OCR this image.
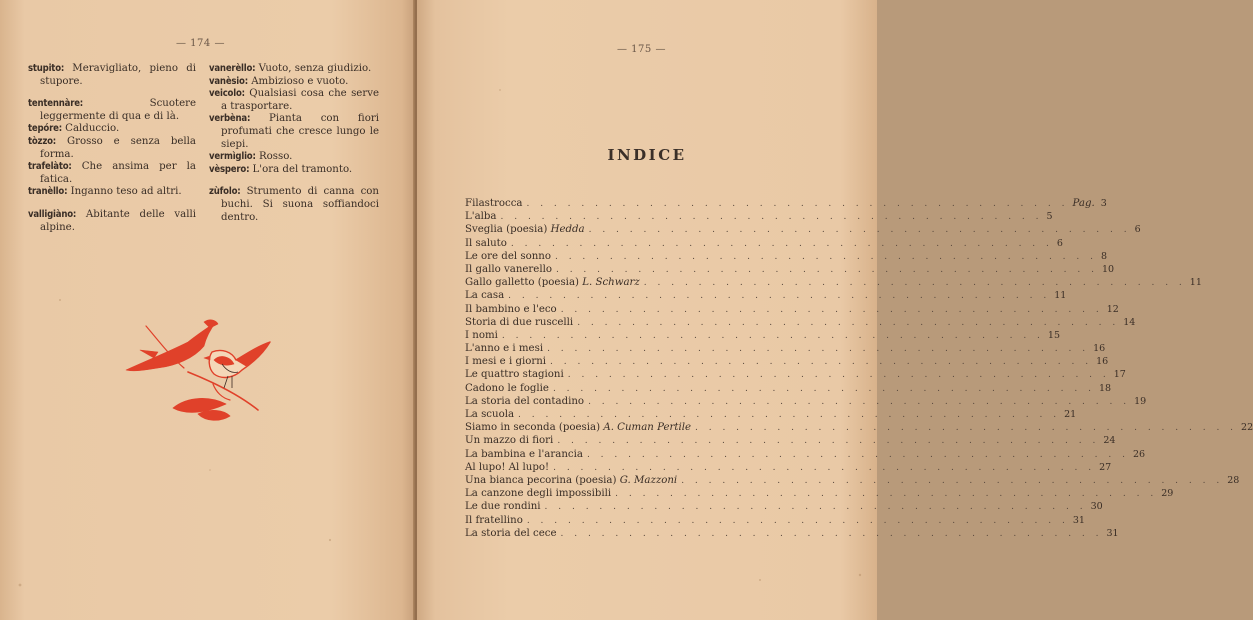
— 174 —

stupito: Meravigliato, pieno di stupore.

tentennàre:	Scuotere leggermente di qua e di là.

tepóre: Calduccio.

tòzzo: Grosso e senza bella forma.

trafelàto: Che ansima per la fatica.

tranèllo: Inganno teso ad altri.

valligiàno: Abitante delle valli alpine.

vanerèllo: Vuoto, senza giudizio.

vanèsio: Ambizioso e vuoto.

veicolo: Qualsiasi cosa che serve a trasportare.

verbèna: Pianta con fiori profumati che cresce lungo le siepi.

vermìglio: Rosso.

vèspero: L'ora del tramonto.

zùfolo: Strumento di canna con buchi. Si suona soffiandoci dentro.

— 175 —
INDICE
Filastrocca . . . . . . . . . . . . . . . . . . . . . . . . . . . . . . . . . . . . . . . . Pag. 3
L'alba . . . . . . . . . . . . . . . . . . . . . . . . . . . . . . . . . . . . . . . . 5
Sveglia (poesia) Hedda . . . . . . . . . . . . . . . . . . . . . . . . . . . . . . . . . . . . . . . . 6
Il saluto . . . . . . . . . . . . . . . . . . . . . . . . . . . . . . . . . . . . . . . . 6
Le ore del sonno . . . . . . . . . . . . . . . . . . . . . . . . . . . . . . . . . . . . . . . . 8
Il gallo vanerello . . . . . . . . . . . . . . . . . . . . . . . . . . . . . . . . . . . . . . . . 10
Gallo galletto (poesia) L. Schwarz . . . . . . . . . . . . . . . . . . . . . . . . . . . . . . . . . . . . . . . . 11
La casa . . . . . . . . . . . . . . . . . . . . . . . . . . . . . . . . . . . . . . . . 11
Il bambino e l'eco . . . . . . . . . . . . . . . . . . . . . . . . . . . . . . . . . . . . . . . . 12
Storia di due ruscelli . . . . . . . . . . . . . . . . . . . . . . . . . . . . . . . . . . . . . . . . 14
I nomi . . . . . . . . . . . . . . . . . . . . . . . . . . . . . . . . . . . . . . . . 15
L'anno e i mesi . . . . . . . . . . . . . . . . . . . . . . . . . . . . . . . . . . . . . . . . 16
I mesi e i giorni . . . . . . . . . . . . . . . . . . . . . . . . . . . . . . . . . . . . . . . . 16
Le quattro stagioni . . . . . . . . . . . . . . . . . . . . . . . . . . . . . . . . . . . . . . . . 17
Cadono le foglie . . . . . . . . . . . . . . . . . . . . . . . . . . . . . . . . . . . . . . . . 18
La storia del contadino . . . . . . . . . . . . . . . . . . . . . . . . . . . . . . . . . . . . . . . . 19
La scuola . . . . . . . . . . . . . . . . . . . . . . . . . . . . . . . . . . . . . . . . 21
Siamo in seconda (poesia) A. Cuman Pertile . . . . . . . . . . . . . . . . . . . . . . . . . . . . . . . . . . . . . . . . 22
Un mazzo di fiori . . . . . . . . . . . . . . . . . . . . . . . . . . . . . . . . . . . . . . . . 24
La bambina e l'arancia . . . . . . . . . . . . . . . . . . . . . . . . . . . . . . . . . . . . . . . . 26
Al lupo! Al lupo! . . . . . . . . . . . . . . . . . . . . . . . . . . . . . . . . . . . . . . . . 27
Una bianca pecorina (poesia) G. Mazzoni . . . . . . . . . . . . . . . . . . . . . . . . . . . . . . . . . . . . . . . . 28
La canzone degli impossibili . . . . . . . . . . . . . . . . . . . . . . . . . . . . . . . . . . . . . . . . 29
Le due rondini . . . . . . . . . . . . . . . . . . . . . . . . . . . . . . . . . . . . . . . . 30
Il fratellino . . . . . . . . . . . . . . . . . . . . . . . . . . . . . . . . . . . . . . . . 31
La storia del cece . . . . . . . . . . . . . . . . . . . . . . . . . . . . . . . . . . . . . . . . 31
